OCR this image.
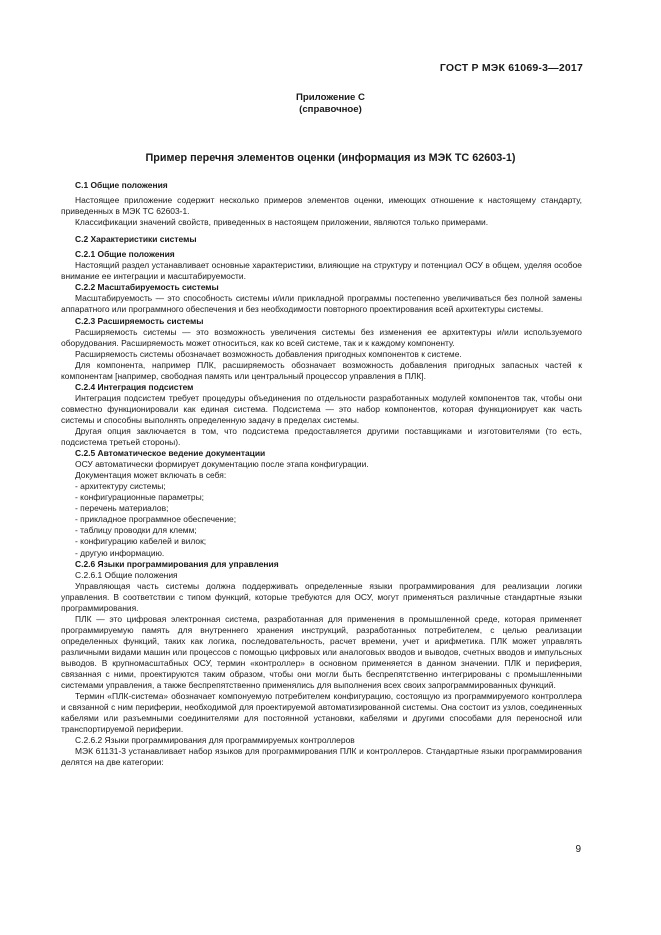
ГОСТ Р МЭК 61069-3—2017
Приложение С
(справочное)
Пример перечня элементов оценки (информация из МЭК ТС 62603-1)

С.1 Общие положения

Настоящее приложение содержит несколько примеров элементов оценки, имеющих отношение к настоящему стандарту, приведенных в МЭК ТС 62603-1.

Классификации значений свойств, приведенных в настоящем приложении, являются только примерами.

С.2 Характеристики системы

С.2.1 Общие положения

Настоящий раздел устанавливает основные характеристики, влияющие на структуру и потенциал ОСУ в общем, уделяя особое внимание ее интеграции и масштабируемости.

С.2.2 Масштабируемость системы

Масштабируемость — это способность системы и/или прикладной программы постепенно увеличиваться без полной замены аппаратного или программного обеспечения и без необходимости повторного проектирования всей архитектуры системы.

С.2.3 Расширяемость системы

Расширяемость системы — это возможность увеличения системы без изменения ее архитектуры и/или используемого оборудования. Расширяемость может относиться, как ко всей системе, так и к каждому компоненту.

Расширяемость системы обозначает возможность добавления пригодных компонентов к системе.

Для компонента, например ПЛК, расширяемость обозначает возможность добавления пригодных запасных частей к компонентам [например, свободная память или центральный процессор управления в ПЛК].

С.2.4 Интеграция подсистем

Интеграция подсистем требует процедуры объединения по отдельности разработанных модулей компонентов так, чтобы они совместно функционировали как единая система. Подсистема — это набор компонентов, которая функционирует как часть системы и способны выполнять определенную задачу в пределах системы.

Другая опция заключается в том, что подсистема предоставляется другими поставщиками и изготовителями (то есть, подсистема третьей стороны).

С.2.5 Автоматическое ведение документации

ОСУ автоматически формирует документацию после этапа конфигурации.

Документация может включать в себя:

- архитектуру системы;

- конфигурационные параметры;

- перечень материалов;

- прикладное программное обеспечение;

- таблицу проводки для клемм;

- конфигурацию кабелей и вилок;

- другую информацию.

С.2.6 Языки программирования для управления

С.2.6.1 Общие положения

Управляющая часть системы должна поддерживать определенные языки программирования для реализации логики управления. В соответствии с типом функций, которые требуются для ОСУ, могут применяться различные стандартные языки программирования.

ПЛК — это цифровая электронная система, разработанная для применения в промышленной среде, которая применяет программируемую память для внутреннего хранения инструкций, разработанных потребителем, с целью реализации определенных функций, таких как логика, последовательность, расчет времени, учет и арифметика. ПЛК может управлять различными видами машин или процессов с помощью цифровых или аналоговых вводов и выводов, счетных вводов и импульсных выводов. В крупномасштабных ОСУ, термин «контроллер» в основном применяется в данном значении. ПЛК и периферия, связанная с ними, проектируются таким образом, чтобы они могли быть беспрепятственно интегрированы с промышленными системами управления, а также беспрепятственно применялись для выполнения всех своих запрограммированных функций.

Термин «ПЛК-система» обозначает компонуемую потребителем конфигурацию, состоящую из программируемого контроллера и связанной с ним периферии, необходимой для проектируемой автоматизированной системы. Она состоит из узлов, соединенных кабелями или разъемными соединителями для постоянной установки, кабелями и другими способами для переносной или транспортируемой периферии.

С.2.6.2 Языки программирования для программируемых контроллеров

МЭК 61131-3 устанавливает набор языков для программирования ПЛК и контроллеров. Стандартные языки программирования делятся на две категории:

9
